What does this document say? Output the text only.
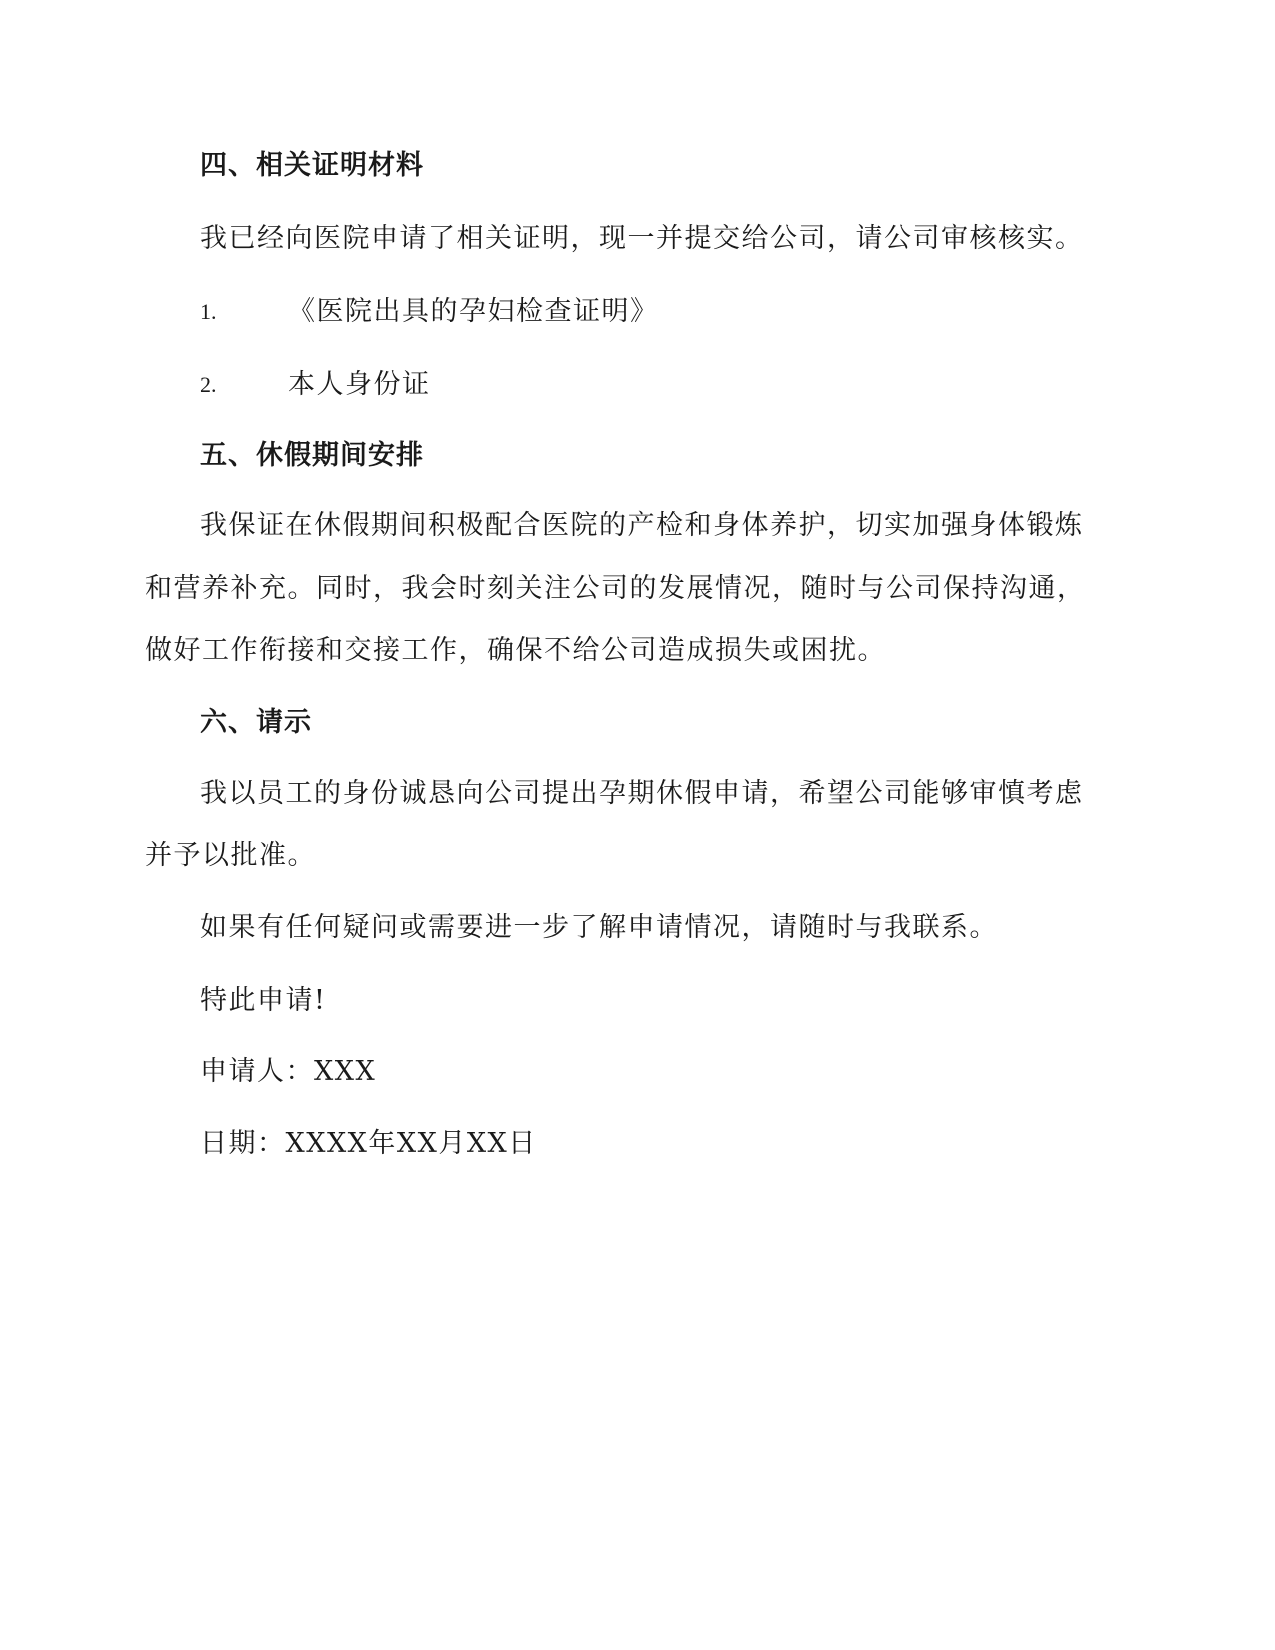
四、相关证明材料
我已经向医院申请了相关证明，现一并提交给公司，请公司审核核实。
1.	《医院出具的孕妇检查证明》
2.	本人身份证
五、休假期间安排
我保证在休假期间积极配合医院的产检和身体养护，切实加强身体锻炼
和营养补充。同时，我会时刻关注公司的发展情况，随时与公司保持沟通，
做好工作衔接和交接工作，确保不给公司造成损失或困扰。
六、请示
我以员工的身份诚恳向公司提出孕期休假申请，希望公司能够审慎考虑
并予以批准。
如果有任何疑问或需要进一步了解申请情况，请随时与我联系。
特此申请!
申请人：XXX
日期：XXXX年XX月XX日
